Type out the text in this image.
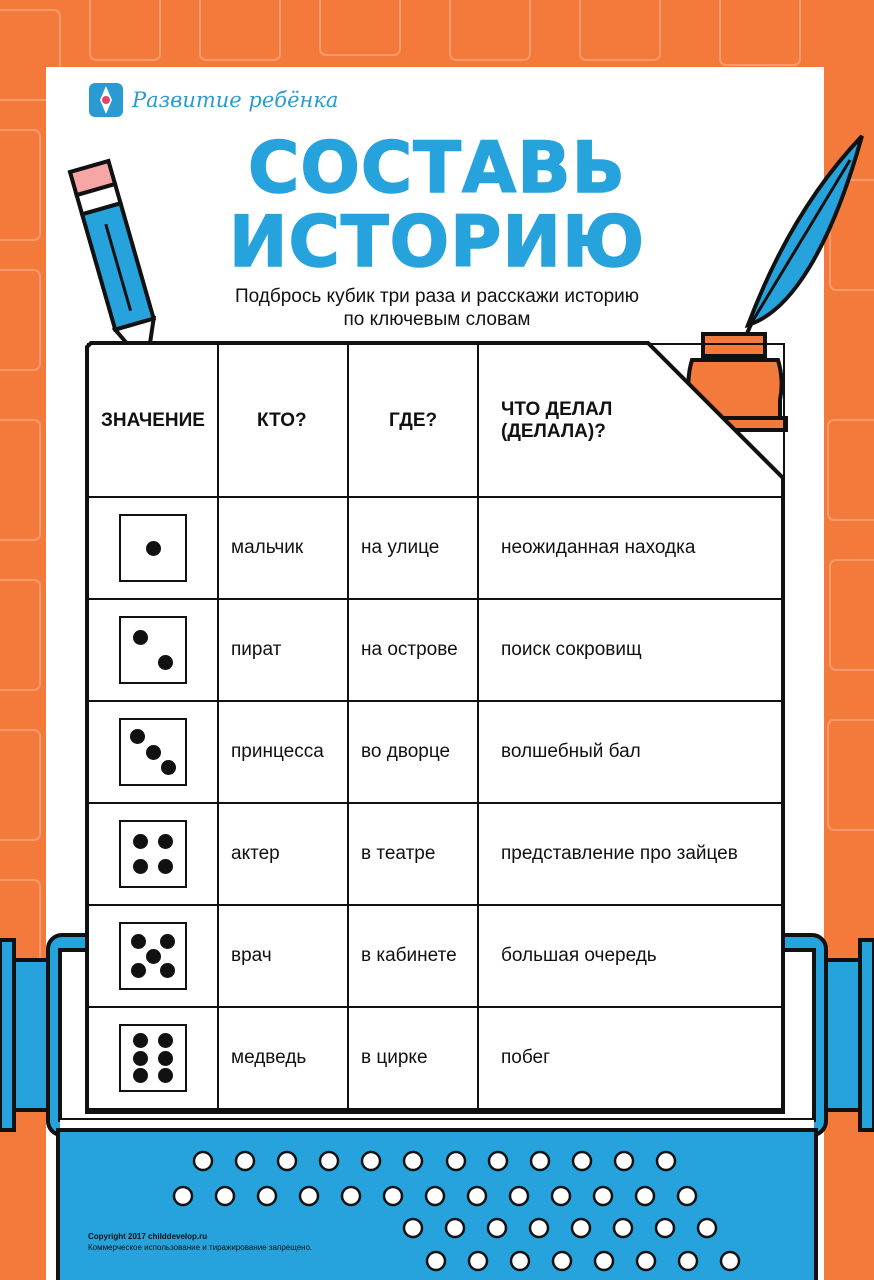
Развитие ребёнка
СОСТАВЬ
ИСТОРИЮ
Подбрось кубик три раза и расскажи историю
по ключевым словам
ЗНАЧЕНИЕ	КТО?	ГДЕ?	ЧТО ДЕЛАЛ (ДЕЛАЛА)?

	мальчик	на улице	неожиданная находка

	пират	на острове	поиск сокровищ

	принцесса	во дворце	волшебный бал

	актер	в театре	представление про зайцев

	врач	в кабинете	большая очередь

	медведь	в цирке	побег
Copyright 2017 childdevelop.ru
Коммерческое использование и тиражирование запрещено.
